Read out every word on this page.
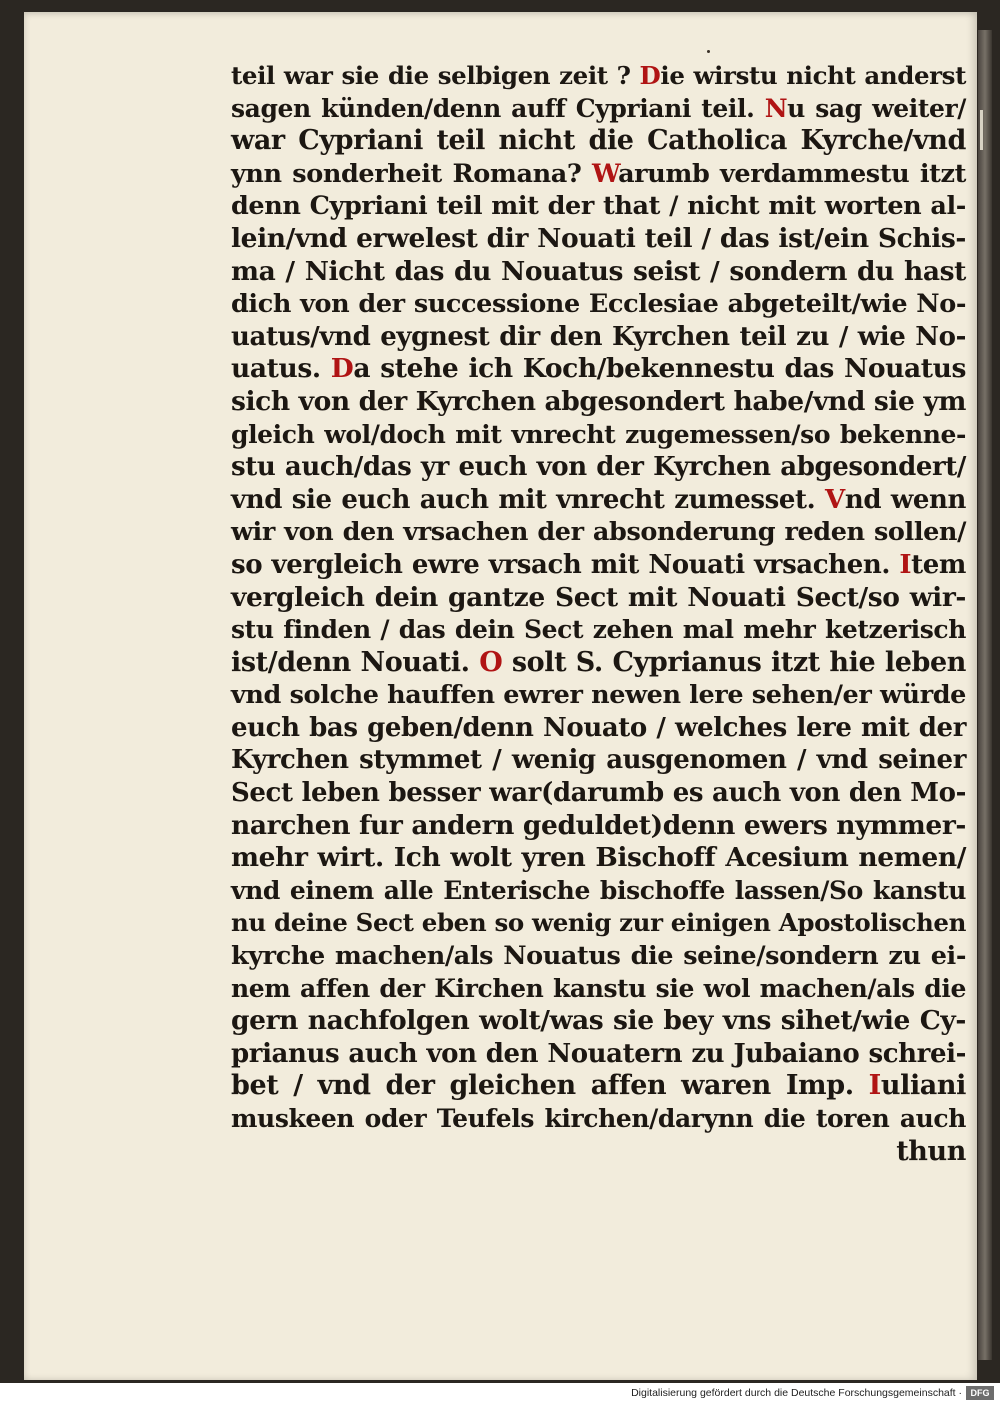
teil war sie die selbigen zeit ? Die wirstu nicht anderst
sagen künden/denn auff Cypriani teil. Nu sag weiter/
war Cypriani teil nicht die Catholica Kyrche/vnd
ynn sonderheit Romana? Warumb verdammestu itzt
denn Cypriani teil mit der that / nicht mit worten al-
lein/vnd erwelest dir Nouati teil / das ist/ein Schis-
ma / Nicht das du Nouatus seist / sondern du hast
dich von der successione Ecclesiae abgeteilt/wie No-
uatus/vnd eygnest dir den Kyrchen teil zu / wie No-
uatus. Da stehe ich Koch/bekennestu das Nouatus
sich von der Kyrchen abgesondert habe/vnd sie ym
gleich wol/doch mit vnrecht zugemessen/so bekenne-
stu auch/das yr euch von der Kyrchen abgesondert/
vnd sie euch auch mit vnrecht zumesset. Vnd wenn
wir von den vrsachen der absonderung reden sollen/
so vergleich ewre vrsach mit Nouati vrsachen. Item
vergleich dein gantze Sect mit Nouati Sect/so wir-
stu finden / das dein Sect zehen mal mehr ketzerisch
ist/denn Nouati. O solt S. Cyprianus itzt hie leben
vnd solche hauffen ewrer newen lere sehen/er würde
euch bas geben/denn Nouato / welches lere mit der
Kyrchen stymmet / wenig ausgenomen / vnd seiner
Sect leben besser war(darumb es auch von den Mo-
narchen fur andern geduldet)denn ewers nymmer-
mehr wirt. Ich wolt yren Bischoff Acesium nemen/
vnd einem alle Enterische bischoffe lassen/So kanstu
nu deine Sect eben so wenig zur einigen Apostolischen
kyrche machen/als Nouatus die seine/sondern zu ei-
nem affen der Kirchen kanstu sie wol machen/als die
gern nachfolgen wolt/was sie bey vns sihet/wie Cy-
prianus auch von den Nouatern zu Jubaiano schrei-
bet / vnd der gleichen affen waren Imp. Iuliani
muskeen oder Teufels kirchen/darynn die toren auch
thun
Digitalisierung gefördert durch die Deutsche Forschungsgemeinschaft · DFG
